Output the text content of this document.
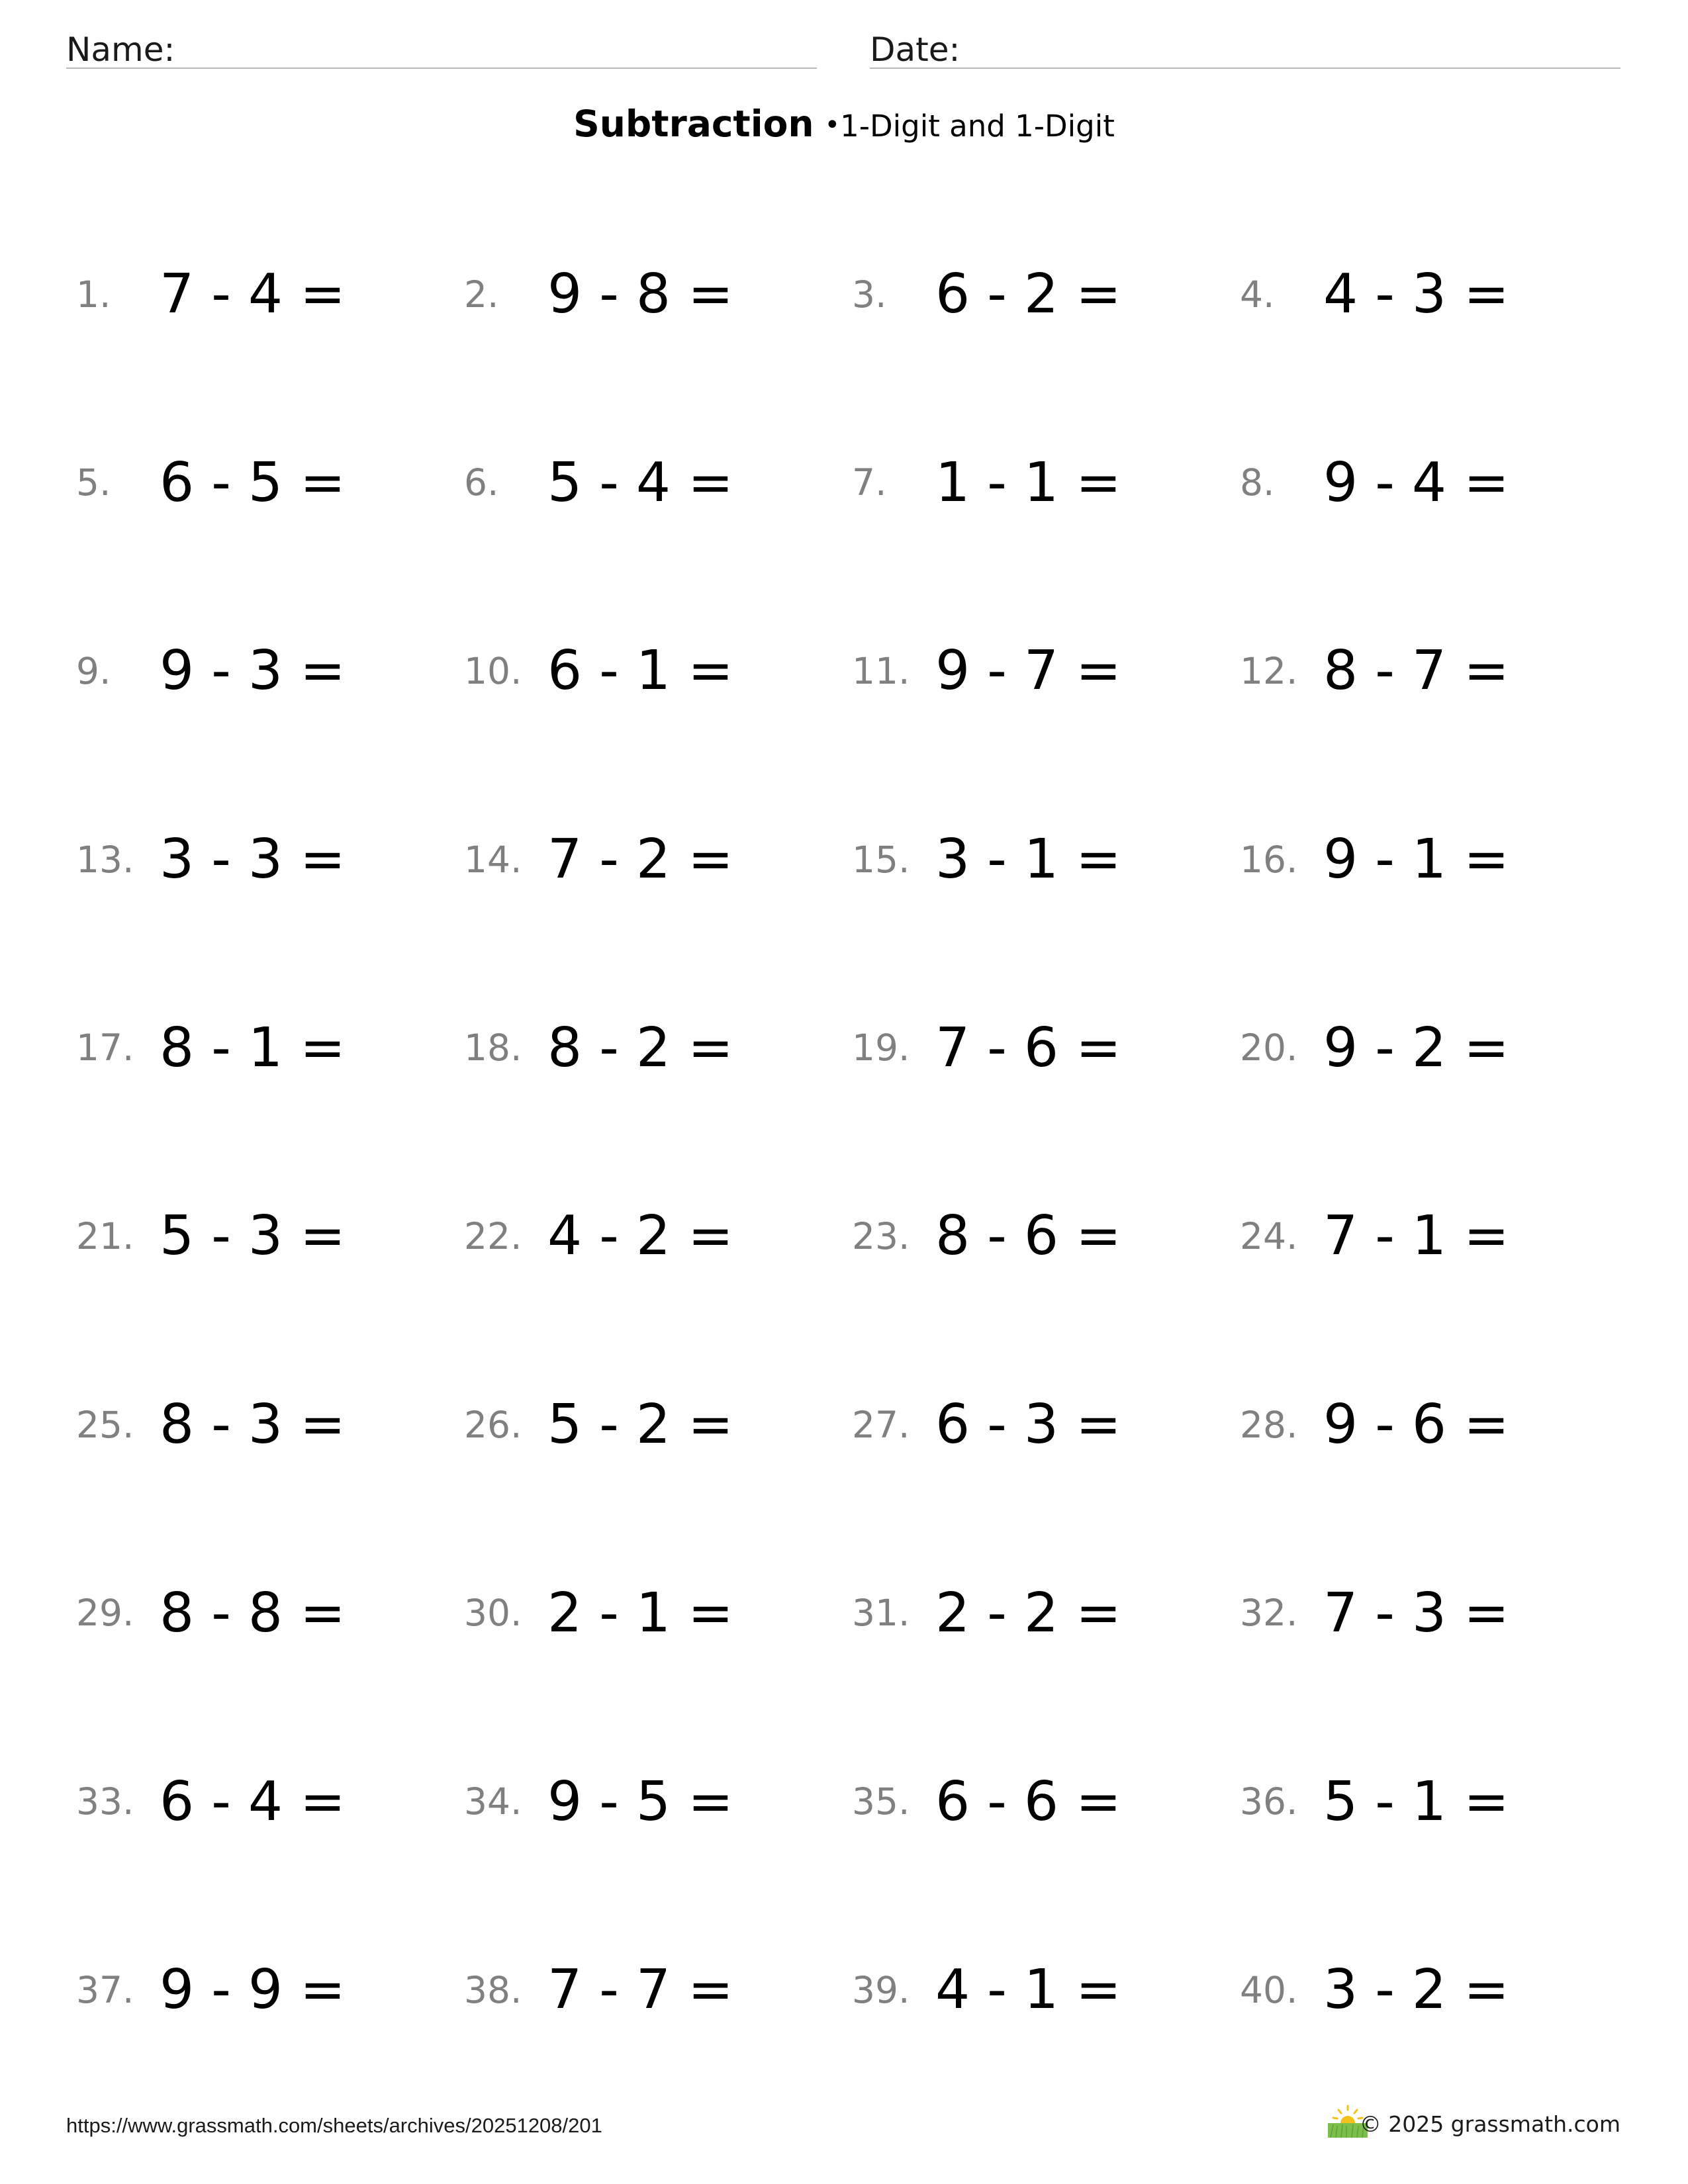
Name:	Date:
Subtraction •1-Digit and 1-Digit
1. 7 - 4 =	2. 9 - 8 =	3. 6 - 2 =	4. 4 - 3 =
5. 6 - 5 =	6. 5 - 4 =	7. 1 - 1 =	8. 9 - 4 =
9. 9 - 3 =	10. 6 - 1 =	11. 9 - 7 =	12. 8 - 7 =
13. 3 - 3 =	14. 7 - 2 =	15. 3 - 1 =	16. 9 - 1 =
17. 8 - 1 =	18. 8 - 2 =	19. 7 - 6 =	20. 9 - 2 =
21. 5 - 3 =	22. 4 - 2 =	23. 8 - 6 =	24. 7 - 1 =
25. 8 - 3 =	26. 5 - 2 =	27. 6 - 3 =	28. 9 - 6 =
29. 8 - 8 =	30. 2 - 1 =	31. 2 - 2 =	32. 7 - 3 =
33. 6 - 4 =	34. 9 - 5 =	35. 6 - 6 =	36. 5 - 1 =
37. 9 - 9 =	38. 7 - 7 =	39. 4 - 1 =	40. 3 - 2 =
https://www.grassmath.com/sheets/archives/20251208/201	© 2025 grassmath.com
